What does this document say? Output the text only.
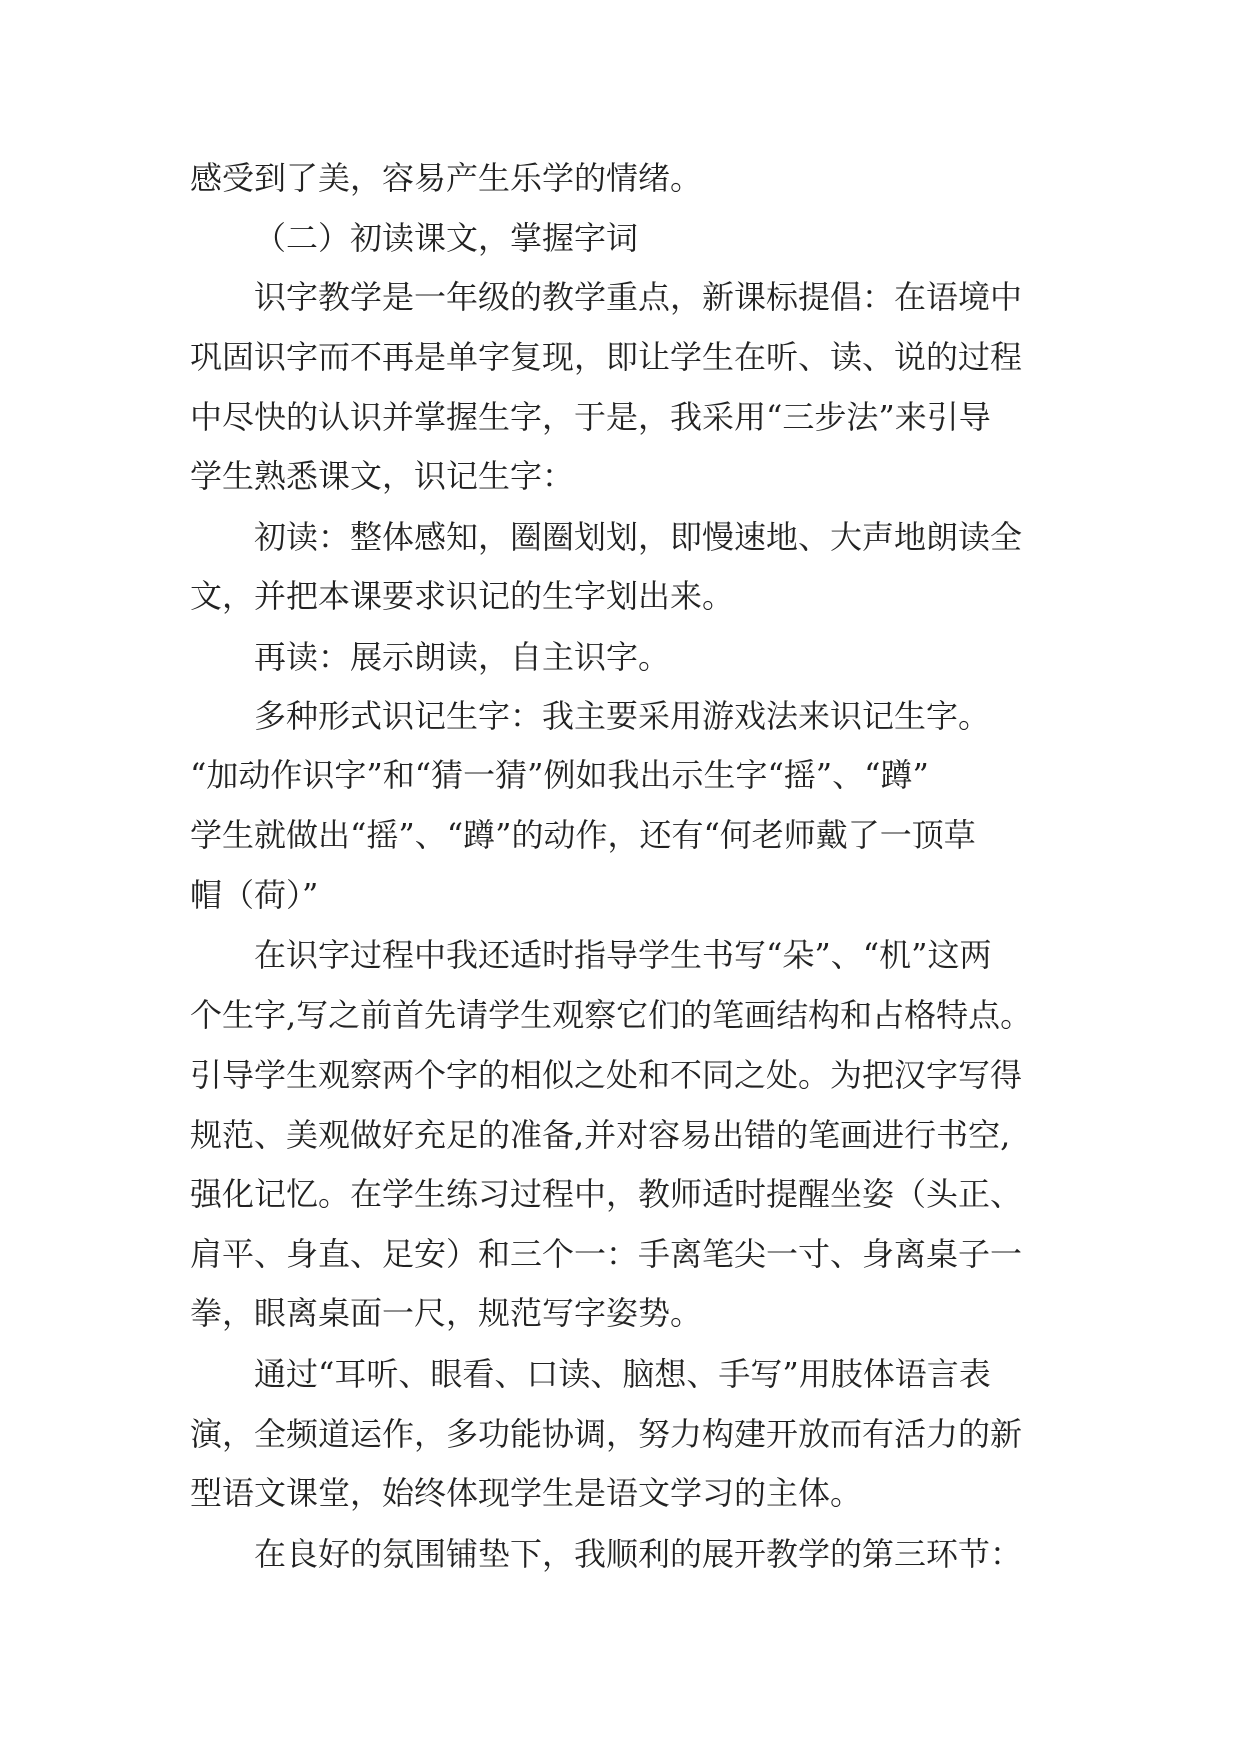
感受到了美，容易产生乐学的情绪。
（二）初读课文，掌握字词
识字教学是一年级的教学重点，新课标提倡：在语境中
巩固识字而不再是单字复现，即让学生在听、读、说的过程
中尽快的认识并掌握生字，于是，我采用“三步法”来引导
学生熟悉课文，识记生字：
初读：整体感知，圈圈划划，即慢速地、大声地朗读全
文，并把本课要求识记的生字划出来。
再读：展示朗读，自主识字。
多种形式识记生字：我主要采用游戏法来识记生字。
“加动作识字”和“猜一猜”例如我出示生字“摇”、“蹲”
学生就做出“摇”、“蹲”的动作，还有“何老师戴了一顶草
帽（荷）”
在识字过程中我还适时指导学生书写“朵”、“机”这两
个生字,写之前首先请学生观察它们的笔画结构和占格特点。
引导学生观察两个字的相似之处和不同之处。为把汉字写得
规范、美观做好充足的准备,并对容易出错的笔画进行书空,
强化记忆。在学生练习过程中，教师适时提醒坐姿（头正、
肩平、身直、足安）和三个一：手离笔尖一寸、身离桌子一
拳，眼离桌面一尺，规范写字姿势。
通过“耳听、眼看、口读、脑想、手写”用肢体语言表
演，全频道运作，多功能协调，努力构建开放而有活力的新
型语文课堂，始终体现学生是语文学习的主体。
在良好的氛围铺垫下，我顺利的展开教学的第三环节：
